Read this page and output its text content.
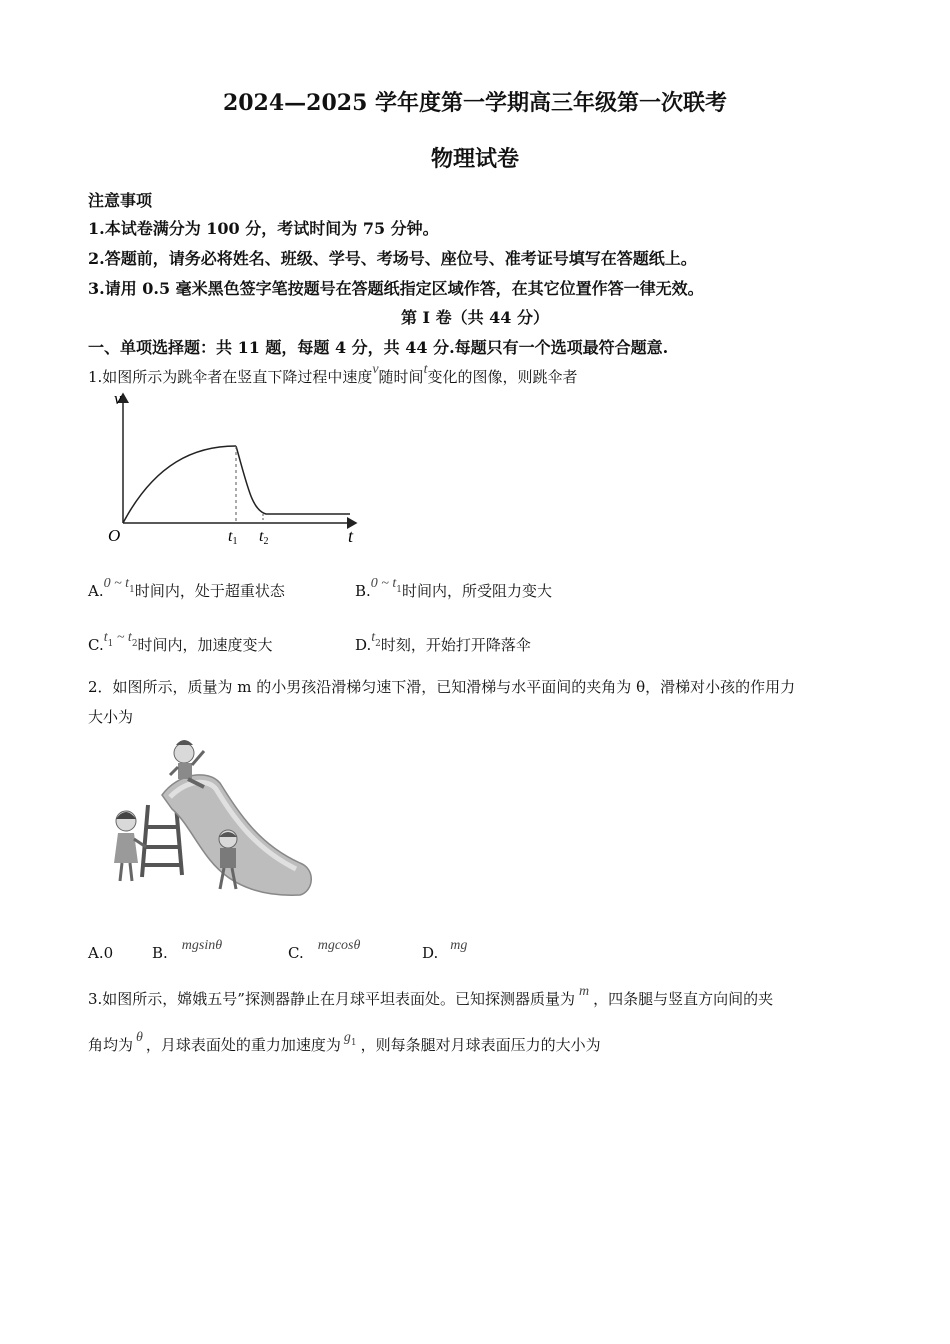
2024—2025 学年度第一学期高三年级第一次联考
物理试卷
注意事项
1.本试卷满分为 100 分，考试时间为 75 分钟。
2.答题前，请务必将姓名、班级、学号、考场号、座位号、准考证号填写在答题纸上。
3.请用 0.5 毫米黑色签字笔按题号在答题纸指定区域作答，在其它位置作答一律无效。
第 I 卷（共 44 分）
一、单项选择题：共 11 题，每题 4 分，共 44 分.每题只有一个选项最符合题意.
1.如图所示为跳伞者在竖直下降过程中速度v随时间t变化的图像，则跳伞者
v
t
O	t1 t2
A.0 ~ $t^1$时间内，处于超重状态	B.0 ~ $t^1$时间内，所受阻力变大
$C.t^1$ ~ $t^2$时间内，加速度变大	$D.t^2$时刻，开始打开降落伞
2．如图所示，质量为 m 的小男孩沿滑梯匀速下滑，已知滑梯与水平面间的夹角为 θ，滑梯对小孩的作用力
大小为
A.0	B. mgsinθ	C. mgcosθ	D. mg
3.如图所示，嫦娥五号”探测器静止在月球平坦表面处。已知探测器质量为 m ，四条腿与竖直方向间的夹
角均为 θ ，月球表面处的重力加速度为 $g^1$ ，则每条腿对月球表面压力的大小为
